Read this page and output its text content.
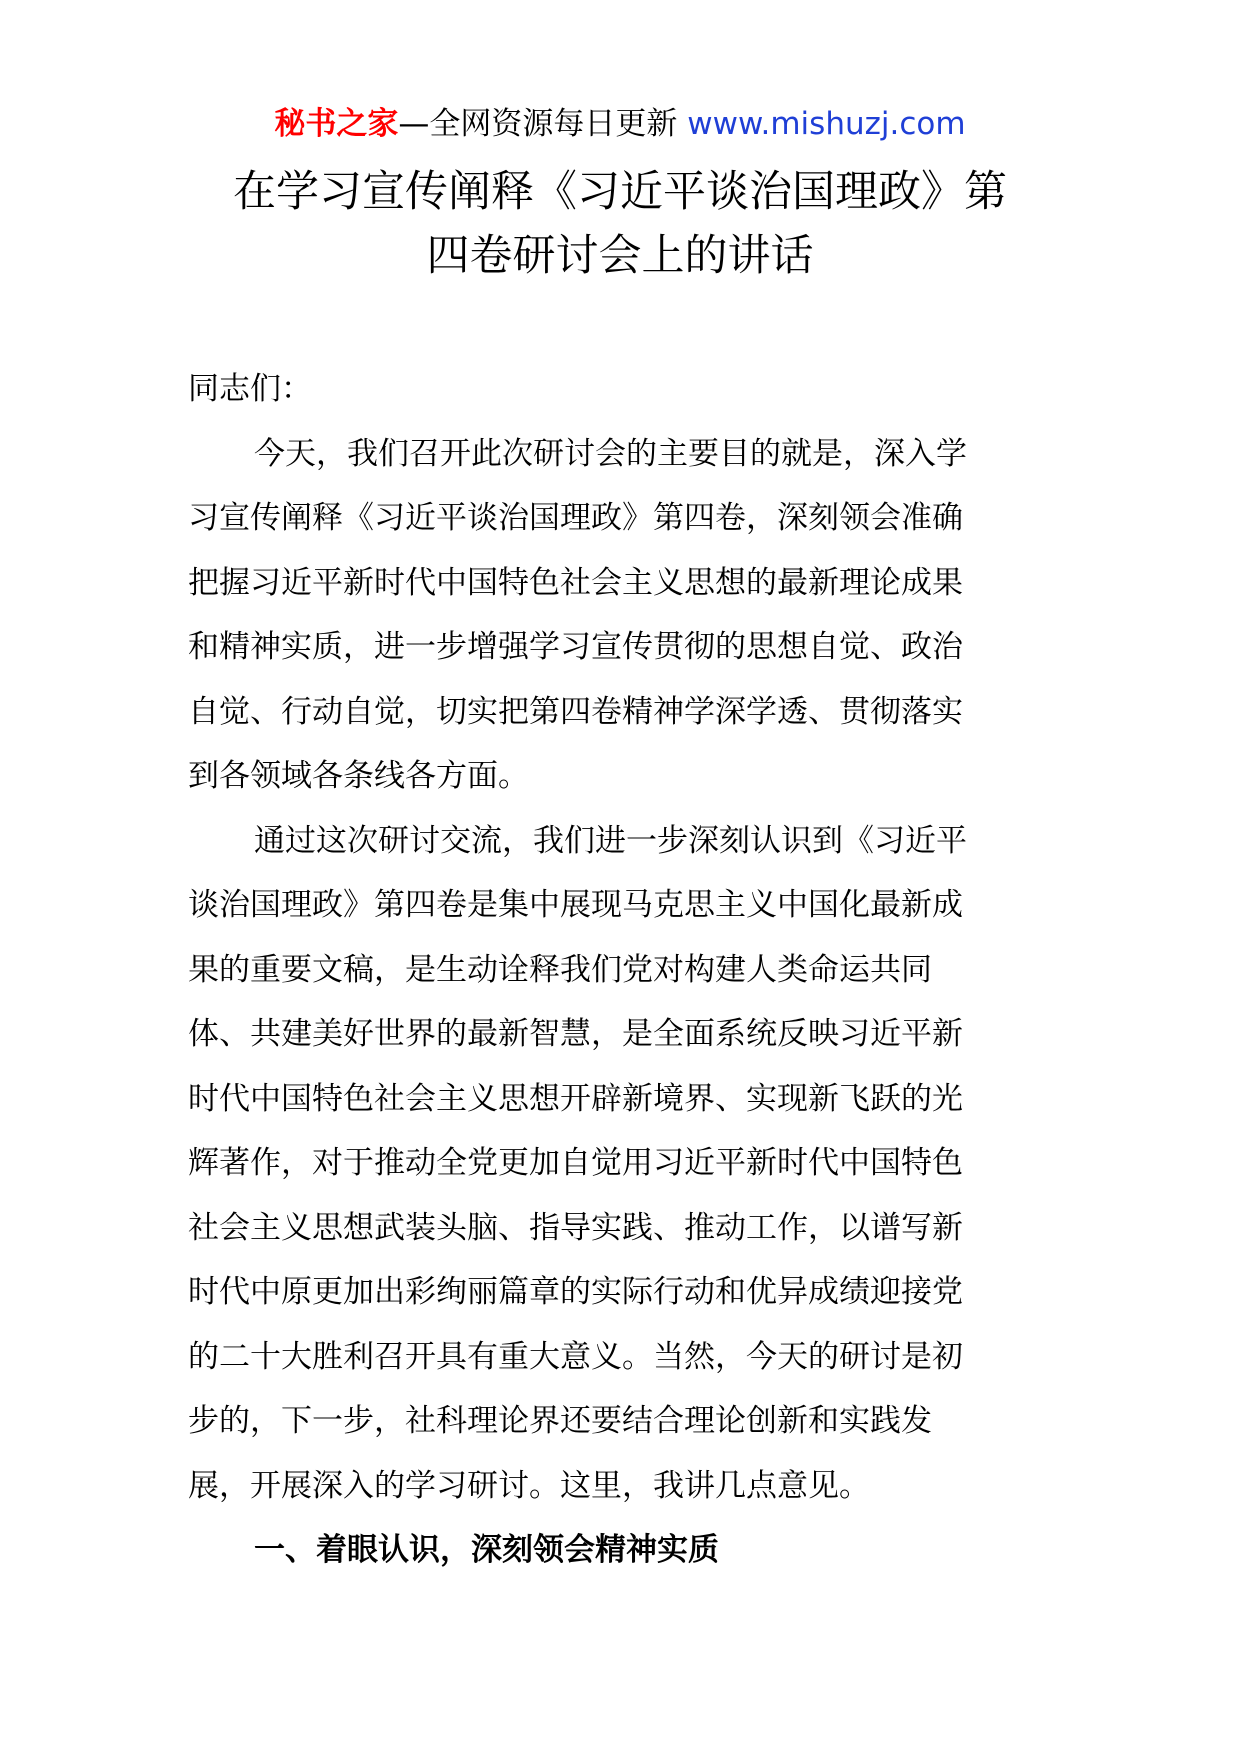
秘书之家—全网资源每日更新 www.mishuzj.com
在学习宣传阐释《习近平谈治国理政》第
四卷研讨会上的讲话
同志们：
今天，我们召开此次研讨会的主要目的就是，深入学
习宣传阐释《习近平谈治国理政》第四卷，深刻领会准确
把握习近平新时代中国特色社会主义思想的最新理论成果
和精神实质，进一步增强学习宣传贯彻的思想自觉、政治
自觉、行动自觉，切实把第四卷精神学深学透、贯彻落实
到各领域各条线各方面。
通过这次研讨交流，我们进一步深刻认识到《习近平
谈治国理政》第四卷是集中展现马克思主义中国化最新成
果的重要文稿，是生动诠释我们党对构建人类命运共同
体、共建美好世界的最新智慧，是全面系统反映习近平新
时代中国特色社会主义思想开辟新境界、实现新飞跃的光
辉著作，对于推动全党更加自觉用习近平新时代中国特色
社会主义思想武装头脑、指导实践、推动工作，以谱写新
时代中原更加出彩绚丽篇章的实际行动和优异成绩迎接党
的二十大胜利召开具有重大意义。当然，今天的研讨是初
步的，下一步，社科理论界还要结合理论创新和实践发
展，开展深入的学习研讨。这里，我讲几点意见。
一、着眼认识，深刻领会精神实质
